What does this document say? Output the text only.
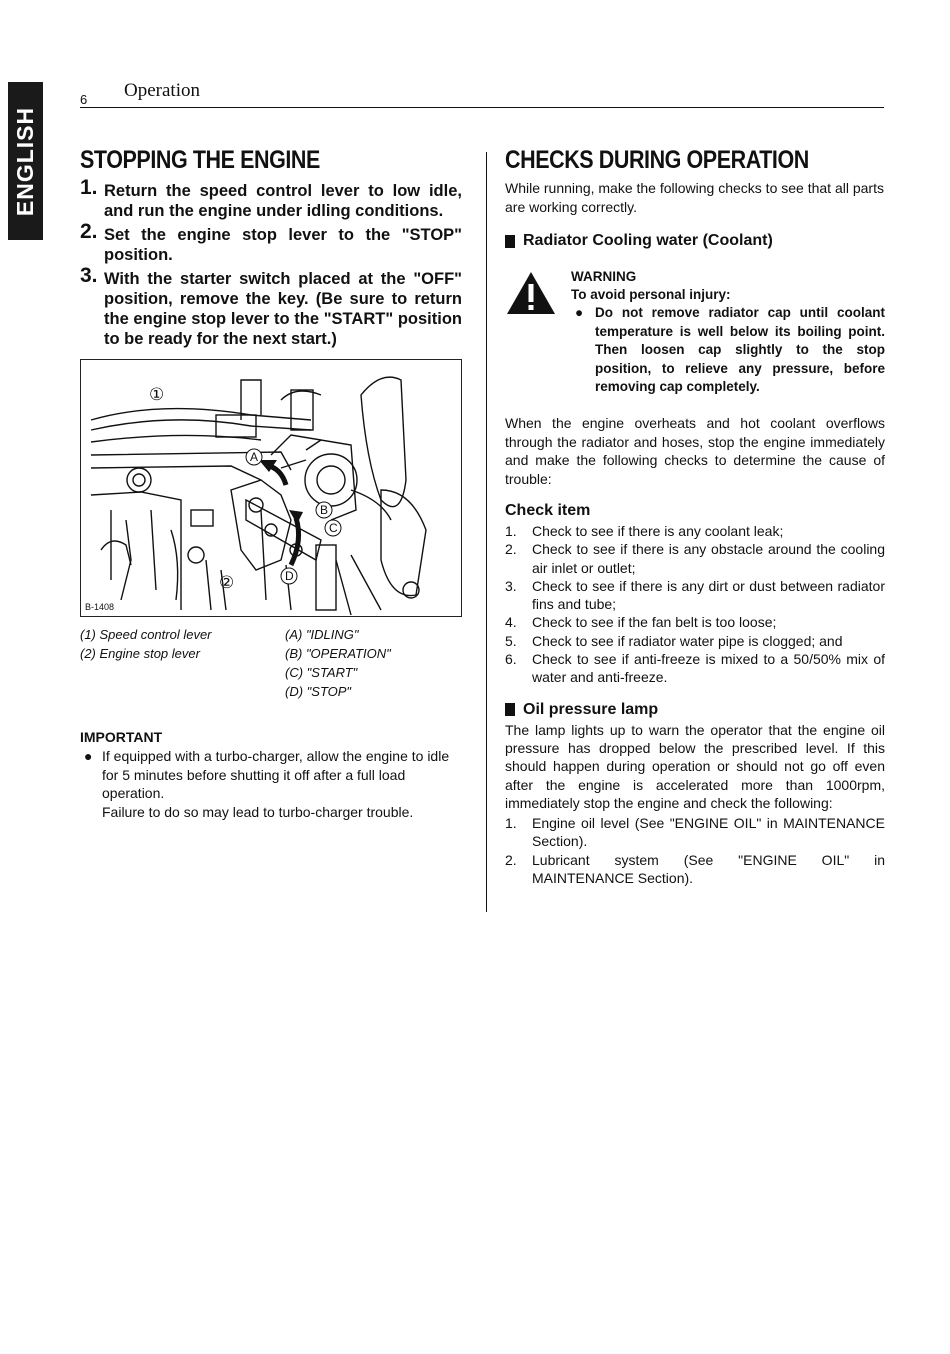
ENGLISH
6 Operation
STOPPING THE ENGINE
1. Return the speed control lever to low idle, and run the engine under idling conditions.
2. Set the engine stop lever to the "STOP" position.
3. With the starter switch placed at the "OFF" position, remove the key. (Be sure to return the engine stop lever to the "START" position to be ready for the next start.)
①
②
A
B
C
D
B-1408
(1) Speed control lever
(2) Engine stop lever
(A) "IDLING"
(B) "OPERATION"
(C) "START"
(D) "STOP"
IMPORTANT
● If equipped with a turbo-charger, allow the engine to idle for 5 minutes before shutting it off after a full load operation.
Failure to do so may lead to turbo-charger trouble.
CHECKS DURING OPERATION
While running, make the following checks to see that all parts are working correctly.
Radiator Cooling water (Coolant)
WARNING
To avoid personal injury:
● Do not remove radiator cap until coolant temperature is well below its boiling point. Then loosen cap slightly to the stop position, to relieve any pressure, before removing cap completely.
When the engine overheats and hot coolant overflows through the radiator and hoses, stop the engine immediately and make the following checks to determine the cause of trouble:
Check item
1. Check to see if there is any coolant leak;
2. Check to see if there is any obstacle around the cooling air inlet or outlet;
3. Check to see if there is any dirt or dust between radiator fins and tube;
4. Check to see if the fan belt is too loose;
5. Check to see if radiator water pipe is clogged; and
6. Check to see if anti-freeze is mixed to a 50/50% mix of water and anti-freeze.
Oil pressure lamp
The lamp lights up to warn the operator that the engine oil pressure has dropped below the prescribed level. If this should happen during operation or should not go off even after the engine is accelerated more than 1000rpm, immediately stop the engine and check the following:
1. Engine oil level (See "ENGINE OIL" in MAINTENANCE Section).
2. Lubricant system (See "ENGINE OIL" in MAINTENANCE Section).
